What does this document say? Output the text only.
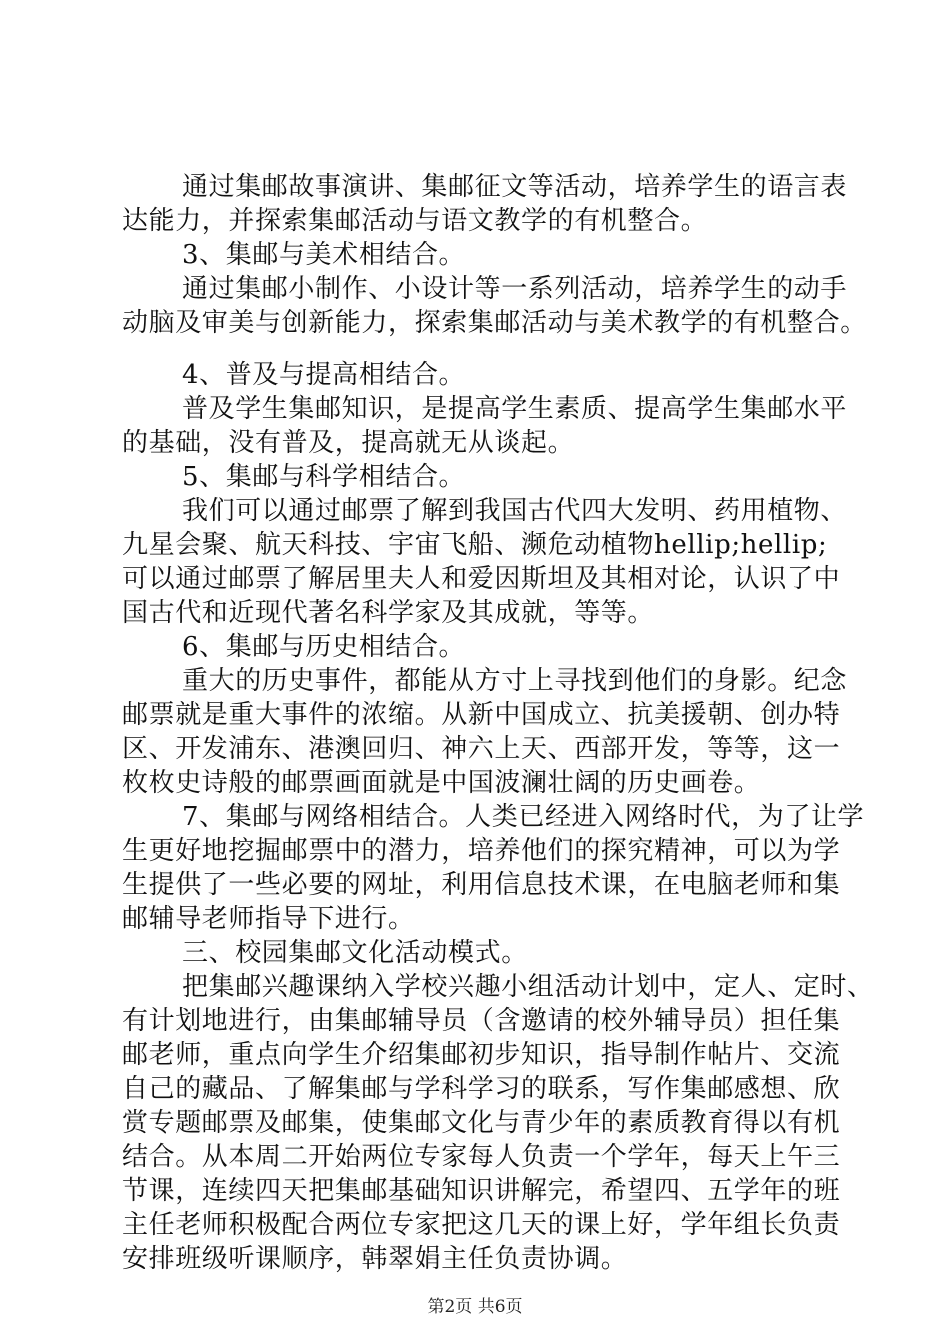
通过集邮故事演讲、集邮征文等活动，培养学生的语言表
达能力，并探索集邮活动与语文教学的有机整合。
3、集邮与美术相结合。
通过集邮小制作、小设计等一系列活动，培养学生的动手
动脑及审美与创新能力，探索集邮活动与美术教学的有机整合。
4、普及与提高相结合。
普及学生集邮知识，是提高学生素质、提高学生集邮水平
的基础，没有普及，提高就无从谈起。
5、集邮与科学相结合。
我们可以通过邮票了解到我国古代四大发明、药用植物、
九星会聚、航天科技、宇宙飞船、濒危动植物hellip;hellip;
可以通过邮票了解居里夫人和爱因斯坦及其相对论，认识了中
国古代和近现代著名科学家及其成就，等等。
6、集邮与历史相结合。
重大的历史事件，都能从方寸上寻找到他们的身影。纪念
邮票就是重大事件的浓缩。从新中国成立、抗美援朝、创办特
区、开发浦东、港澳回归、神六上天、西部开发，等等，这一
枚枚史诗般的邮票画面就是中国波澜壮阔的历史画卷。
7、集邮与网络相结合。人类已经进入网络时代，为了让学
生更好地挖掘邮票中的潜力，培养他们的探究精神，可以为学
生提供了一些必要的网址，利用信息技术课，在电脑老师和集
邮辅导老师指导下进行。
三、校园集邮文化活动模式。
把集邮兴趣课纳入学校兴趣小组活动计划中，定人、定时、
有计划地进行，由集邮辅导员（含邀请的校外辅导员）担任集
邮老师，重点向学生介绍集邮初步知识，指导制作帖片、交流
自己的藏品、了解集邮与学科学习的联系，写作集邮感想、欣
赏专题邮票及邮集，使集邮文化与青少年的素质教育得以有机
结合。从本周二开始两位专家每人负责一个学年，每天上午三
节课，连续四天把集邮基础知识讲解完，希望四、五学年的班
主任老师积极配合两位专家把这几天的课上好，学年组长负责
安排班级听课顺序，韩翠娟主任负责协调。
第2页 共6页
